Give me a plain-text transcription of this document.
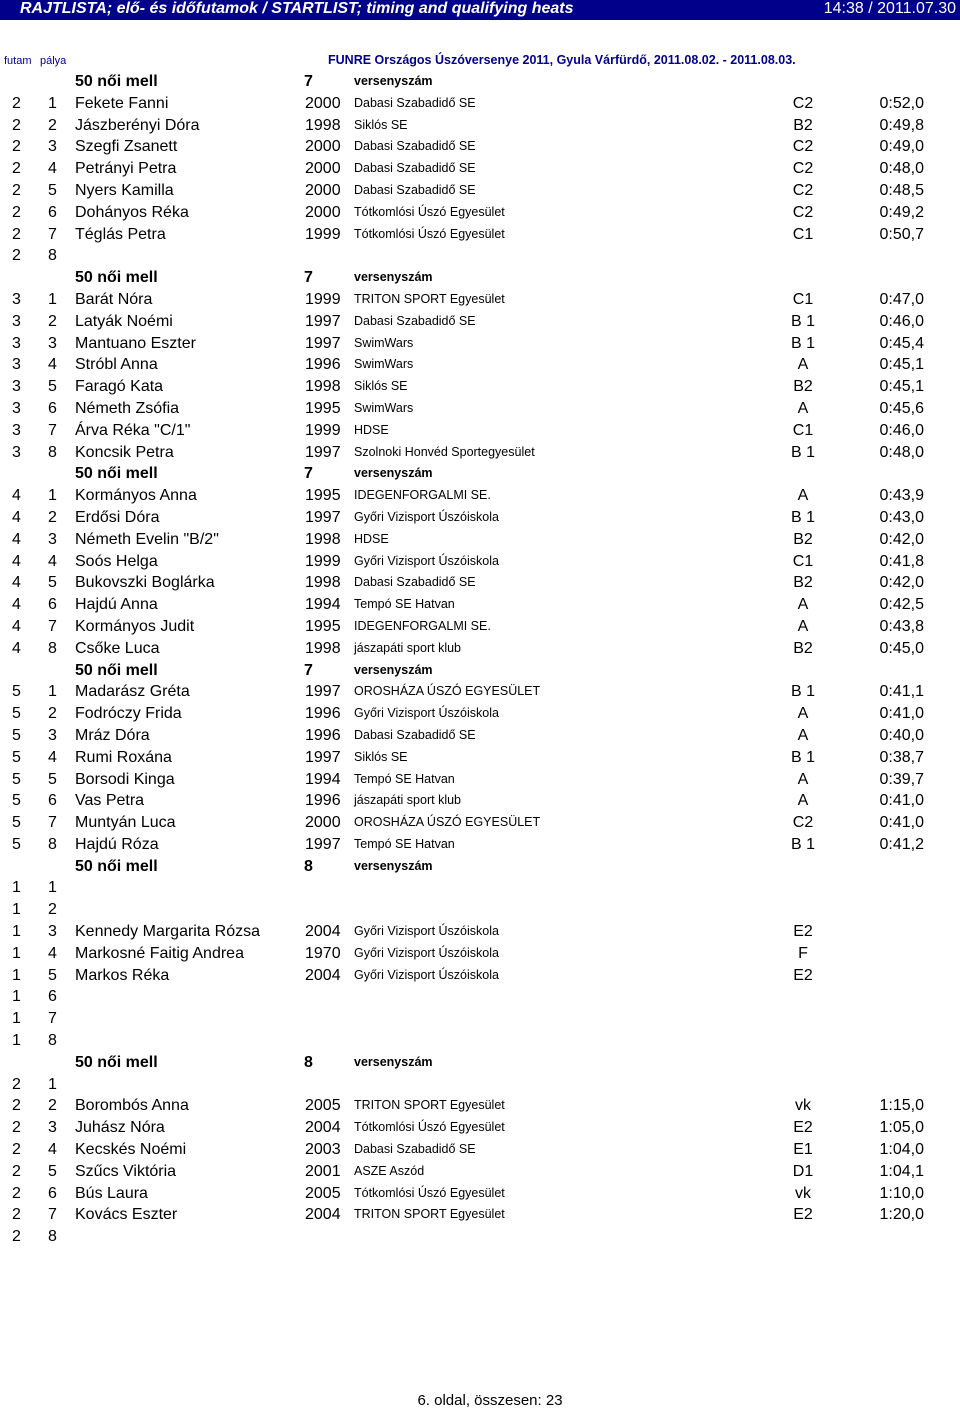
RAJTLISTA; elő- és időfutamok / STARTLIST; timing and qualifying heats	14:38 / 2011.07.30
futam pálya	FUNRE Országos Úszóversenye 2011, Gyula Várfürdő, 2011.08.02. - 2011.08.03.
50 női mell	7	versenyszám
2 1 Fekete Fanni	2000 Dabasi Szabadidő SE	C2	0:52,0
2 2 Jászberényi Dóra	1998 Siklós SE	B2	0:49,8
2 3 Szegfi Zsanett	2000 Dabasi Szabadidő SE	C2	0:49,0
2 4 Petrányi Petra	2000 Dabasi Szabadidő SE	C2	0:48,0
2 5 Nyers Kamilla	2000 Dabasi Szabadidő SE	C2	0:48,5
2 6 Dohányos Réka	2000 Tótkomlósi Úszó Egyesület	C2	0:49,2
2 7 Téglás Petra	1999 Tótkomlósi Úszó Egyesület	C1	0:50,7
2 8
50 női mell	7	versenyszám
3 1 Barát Nóra	1999 TRITON SPORT Egyesület	C1	0:47,0
3 2 Latyák Noémi	1997 Dabasi Szabadidő SE	B 1	0:46,0
3 3 Mantuano Eszter	1997 SwimWars	B 1	0:45,4
3 4 Stróbl Anna	1996 SwimWars	A	0:45,1
3 5 Faragó Kata	1998 Siklós SE	B2	0:45,1
3 6 Németh Zsófia	1995 SwimWars	A	0:45,6
3 7 Árva Réka "C/1"	1999 HDSE	C1	0:46,0
3 8 Koncsik Petra	1997 Szolnoki Honvéd Sportegyesület	B 1	0:48,0
50 női mell	7	versenyszám
4 1 Kormányos Anna	1995 IDEGENFORGALMI SE.	A	0:43,9
4 2 Erdősi Dóra	1997 Győri Vizisport Úszóiskola	B 1	0:43,0
4 3 Németh Evelin "B/2"	1998 HDSE	B2	0:42,0
4 4 Soós Helga	1999 Győri Vizisport Úszóiskola	C1	0:41,8
4 5 Bukovszki Boglárka	1998 Dabasi Szabadidő SE	B2	0:42,0
4 6 Hajdú Anna	1994 Tempó SE Hatvan	A	0:42,5
4 7 Kormányos Judit	1995 IDEGENFORGALMI SE.	A	0:43,8
4 8 Csőke Luca	1998 jászapáti sport klub	B2	0:45,0
50 női mell	7	versenyszám
5 1 Madarász Gréta	1997 OROSHÁZA ÚSZÓ EGYESÜLET	B 1	0:41,1
5 2 Fodróczy Frida	1996 Győri Vizisport Úszóiskola	A	0:41,0
5 3 Mráz Dóra	1996 Dabasi Szabadidő SE	A	0:40,0
5 4 Rumi Roxána	1997 Siklós SE	B 1	0:38,7
5 5 Borsodi Kinga	1994 Tempó SE Hatvan	A	0:39,7
5 6 Vas Petra	1996 jászapáti sport klub	A	0:41,0
5 7 Muntyán Luca	2000 OROSHÁZA ÚSZÓ EGYESÜLET	C2	0:41,0
5 8 Hajdú Róza	1997 Tempó SE Hatvan	B 1	0:41,2
50 női mell	8	versenyszám
1 1
1 2
1 3 Kennedy Margarita Rózsa	2004 Győri Vizisport Úszóiskola	E2
1 4 Markosné Faitig Andrea	1970 Győri Vizisport Úszóiskola	F
1 5 Markos Réka	2004 Győri Vizisport Úszóiskola	E2
1 6
1 7
1 8
50 női mell	8	versenyszám
2 1
2 2 Borombós Anna	2005 TRITON SPORT Egyesület	vk	1:15,0
2 3 Juhász Nóra	2004 Tótkomlósi Úszó Egyesület	E2	1:05,0
2 4 Kecskés Noémi	2003 Dabasi Szabadidő SE	E1	1:04,0
2 5 Szűcs Viktória	2001 ASZE Aszód	D1	1:04,1
2 6 Bús Laura	2005 Tótkomlósi Úszó Egyesület	vk	1:10,0
2 7 Kovács Eszter	2004 TRITON SPORT Egyesület	E2	1:20,0
2 8
6. oldal, összesen: 23
